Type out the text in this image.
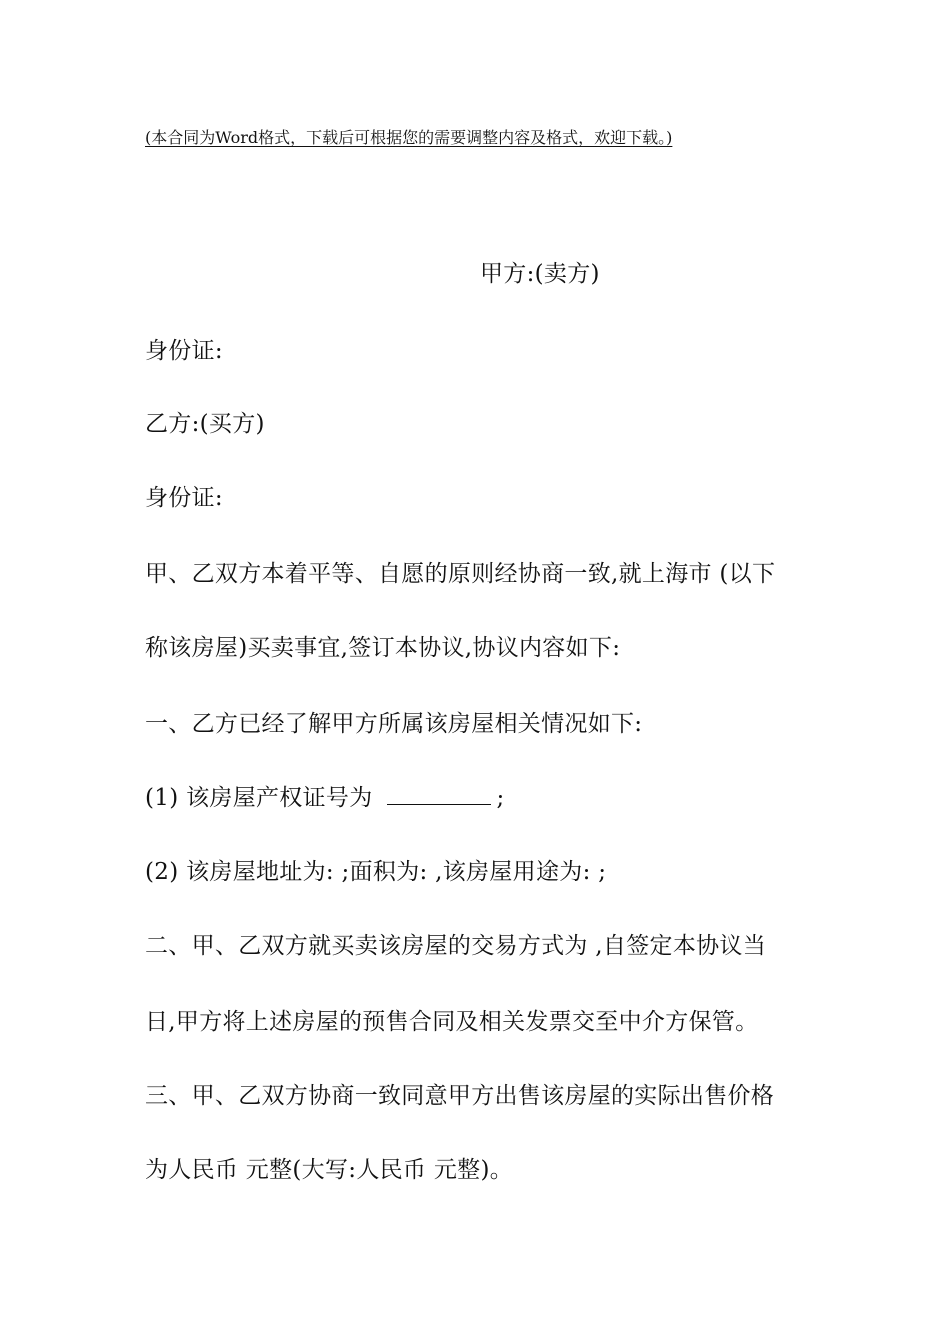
(本合同为Word格式，下载后可根据您的需要调整内容及格式，欢迎下载。)
甲方:(卖方)
身份证:
乙方:(买方)
身份证:
甲、乙双方本着平等、自愿的原则经协商一致,就上海市 (以下
称该房屋)买卖事宜,签订本协议,协议内容如下:
一、乙方已经了解甲方所属该房屋相关情况如下:
(1) 该房屋产权证号为	;
(2) 该房屋地址为: ;面积为: ,该房屋用途为: ;
二、甲、乙双方就买卖该房屋的交易方式为 ,自签定本协议当
日,甲方将上述房屋的预售合同及相关发票交至中介方保管。
三、甲、乙双方协商一致同意甲方出售该房屋的实际出售价格
为人民币 元整(大写:人民币 元整)。
